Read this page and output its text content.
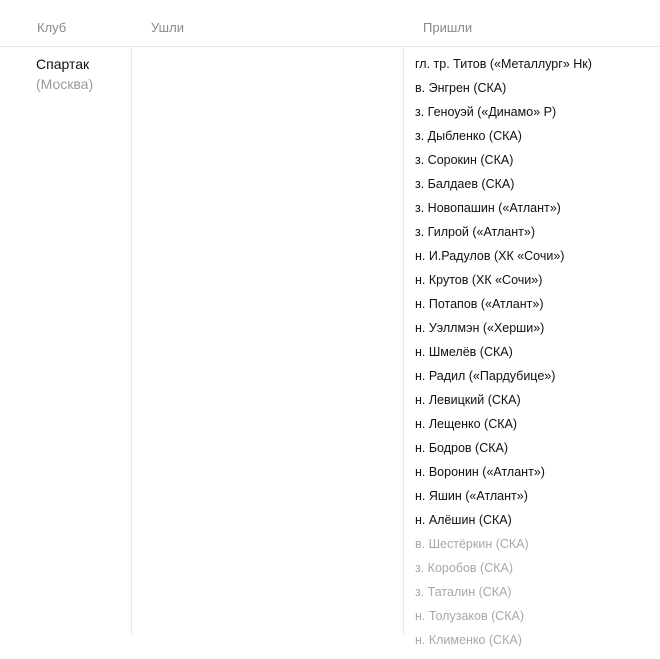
Клуб	Ушли	Пришли
Спартак
(Москва)
гл. тр. Титов («Металлург» Нк)
в. Энгрен (СКА)
з. Геноуэй («Динамо» Р)
з. Дыбленко (СКА)
з. Сорокин (СКА)
з. Балдаев (СКА)
з. Новопашин («Атлант»)
з. Гилрой («Атлант»)
н. И.Радулов (ХК «Сочи»)
н. Крутов (ХК «Сочи»)
н. Потапов («Атлант»)
н. Уэллмэн («Херши»)
н. Шмелёв (СКА)
н. Радил («Пардубице»)
н. Левицкий (СКА)
н. Лещенко (СКА)
н. Бодров (СКА)
н. Воронин («Атлант»)
н. Яшин («Атлант»)
н. Алёшин (СКА)
в. Шестёркин (СКА)
з. Коробов (СКА)
з. Таталин (СКА)
н. Толузаков (СКА)
н. Клименко (СКА)
